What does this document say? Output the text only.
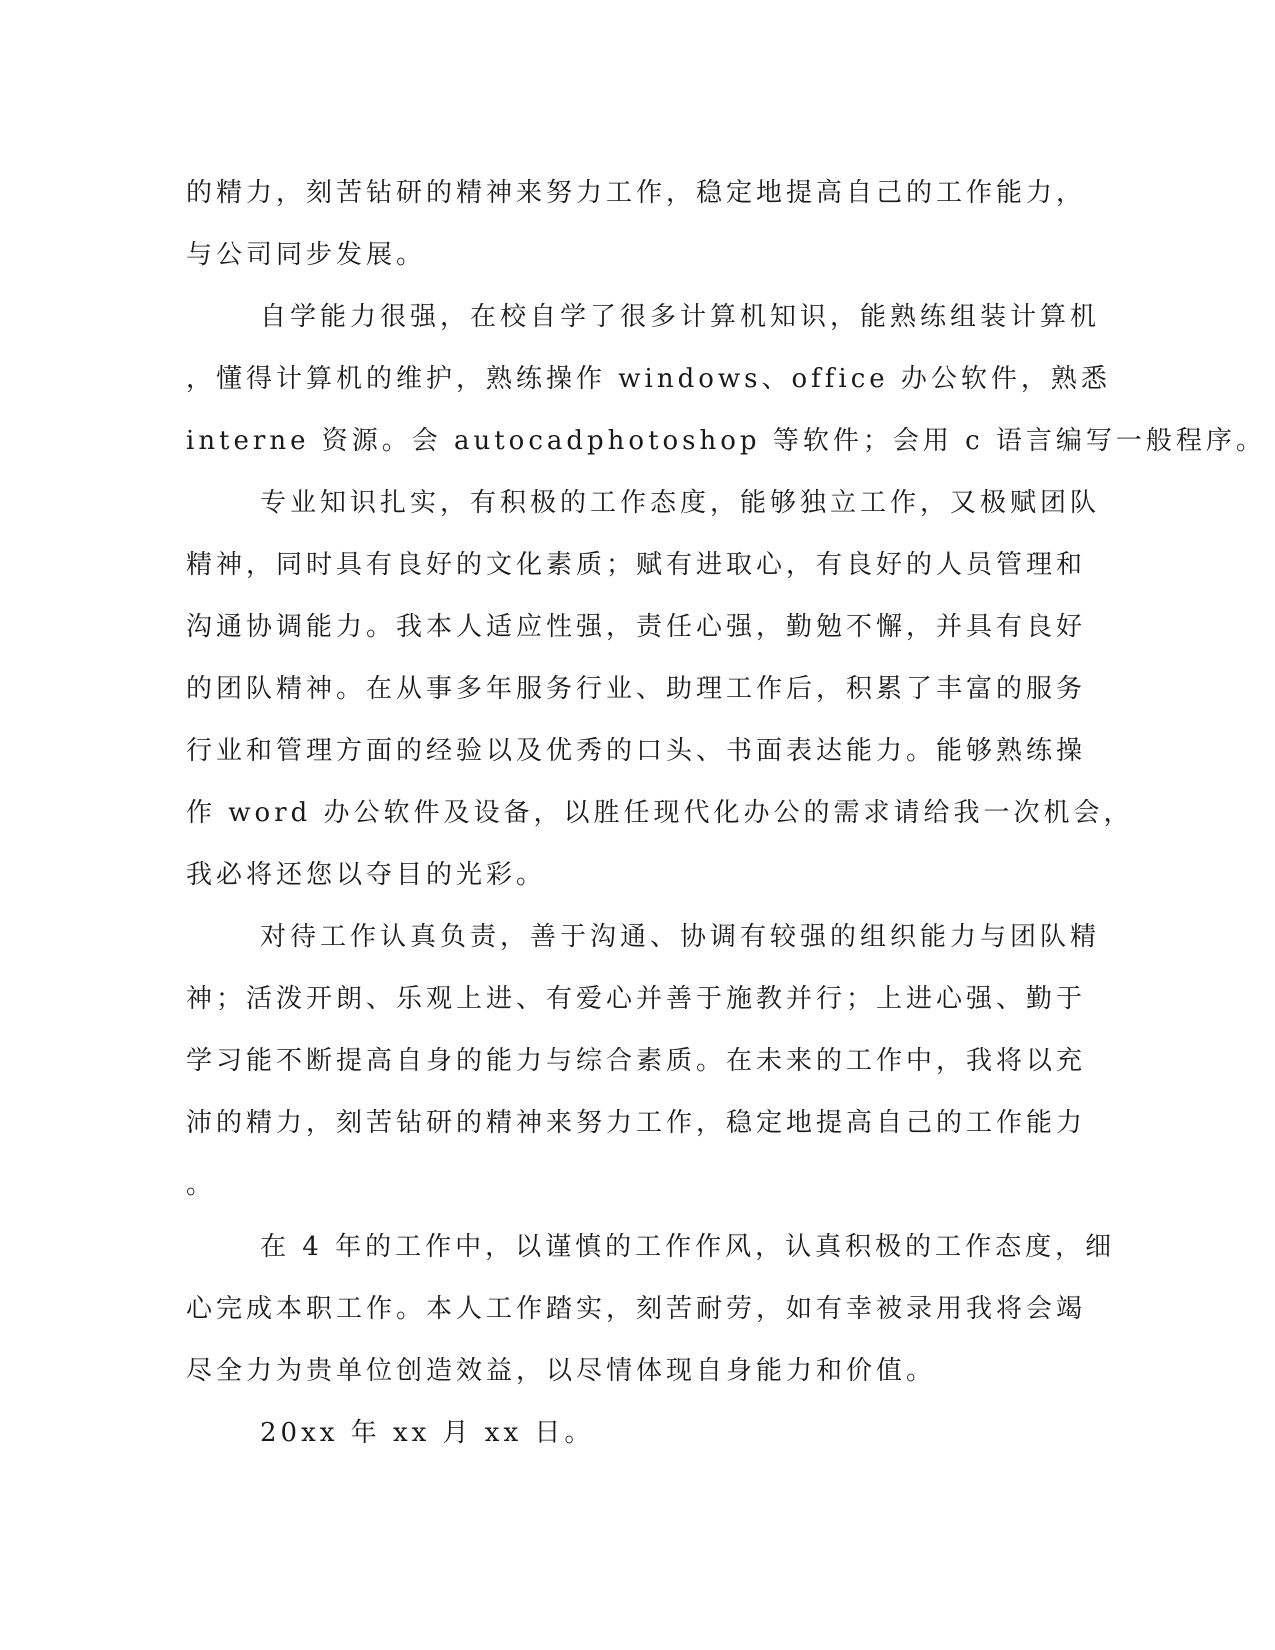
的精力，刻苦钻研的精神来努力工作，稳定地提高自己的工作能力，
与公司同步发展。
自学能力很强，在校自学了很多计算机知识，能熟练组装计算机
，懂得计算机的维护，熟练操作 windows、office 办公软件，熟悉
interne 资源。会 autocadphotoshop 等软件；会用 c 语言编写一般程序。
专业知识扎实，有积极的工作态度，能够独立工作，又极赋团队
精神，同时具有良好的文化素质；赋有进取心，有良好的人员管理和
沟通协调能力。我本人适应性强，责任心强，勤勉不懈，并具有良好
的团队精神。在从事多年服务行业、助理工作后，积累了丰富的服务
行业和管理方面的经验以及优秀的口头、书面表达能力。能够熟练操
作 word 办公软件及设备，以胜任现代化办公的需求请给我一次机会，
我必将还您以夺目的光彩。
对待工作认真负责，善于沟通、协调有较强的组织能力与团队精
神；活泼开朗、乐观上进、有爱心并善于施教并行；上进心强、勤于
学习能不断提高自身的能力与综合素质。在未来的工作中，我将以充
沛的精力，刻苦钻研的精神来努力工作，稳定地提高自己的工作能力
。
在 4 年的工作中，以谨慎的工作作风，认真积极的工作态度，细
心完成本职工作。本人工作踏实，刻苦耐劳，如有幸被录用我将会竭
尽全力为贵单位创造效益，以尽情体现自身能力和价值。
20xx 年 xx 月 xx 日。
